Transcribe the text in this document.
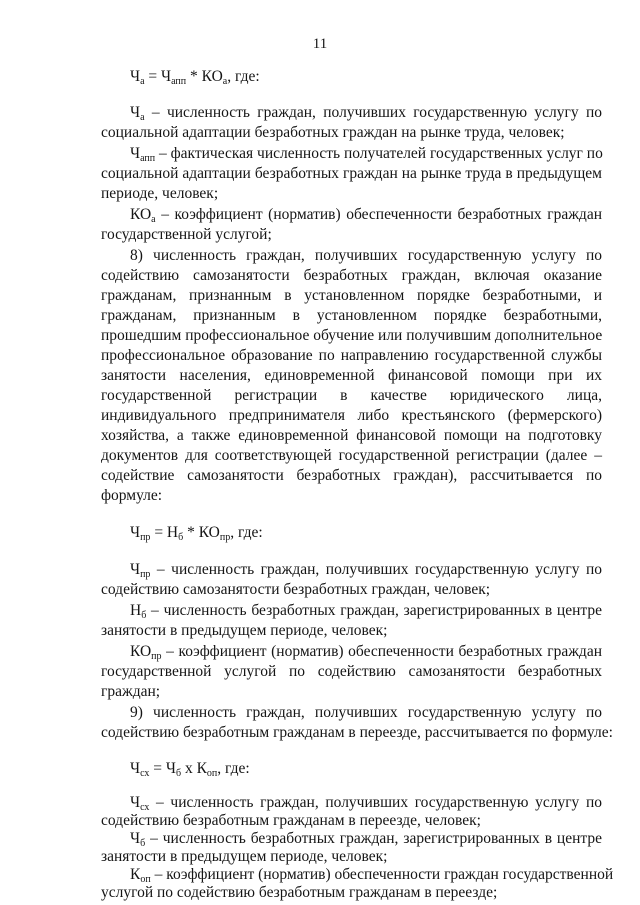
11
$Ч_а = Ч_{апп} * КО_а$, где:
$Ч_а$ – численность граждан, получивших государственную услугу по
социальной адаптации безработных граждан на рынке труда, человек;
$Ч_{апп}$ – фактическая численность получателей государственных услуг по
социальной адаптации безработных граждан на рынке труда в предыдущем
периоде, человек;
$КО_а$ – коэффициент (норматив) обеспеченности безработных граждан
государственной услугой;
8) численность граждан, получивших государственную услугу по
содействию самозанятости безработных граждан, включая оказание
гражданам, признанным в установленном порядке безработными, и
гражданам, признанным в установленном порядке безработными,
прошедшим профессиональное обучение или получившим дополнительное
профессиональное образование по направлению государственной службы
занятости населения, единовременной финансовой помощи при их
государственной регистрации в качестве юридического лица,
индивидуального предпринимателя либо крестьянского (фермерского)
хозяйства, а также единовременной финансовой помощи на подготовку
документов для соответствующей государственной регистрации (далее –
содействие самозанятости безработных граждан), рассчитывается по
формуле:
$Ч_{пр} = Н_б * КО_{пр}$, где:
$Ч_{пр}$ – численность граждан, получивших государственную услугу по
содействию самозанятости безработных граждан, человек;
$Н_б$ – численность безработных граждан, зарегистрированных в центре
занятости в предыдущем периоде, человек;
$КО_{пр}$ – коэффициент (норматив) обеспеченности безработных граждан
государственной услугой по содействию самозанятости безработных
граждан;
9) численность граждан, получивших государственную услугу по
содействию безработным гражданам в переезде, рассчитывается по формуле:
$Ч_{сх} = Ч_б$ х $К_{оп}$, где:
$Ч_{сх}$ – численность граждан, получивших государственную услугу по
содействию безработным гражданам в переезде, человек;
$Ч_б$ – численность безработных граждан, зарегистрированных в центре
занятости в предыдущем периоде, человек;
$К_{оп}$ – коэффициент (норматив) обеспеченности граждан государственной
услугой по содействию безработным гражданам в переезде;
